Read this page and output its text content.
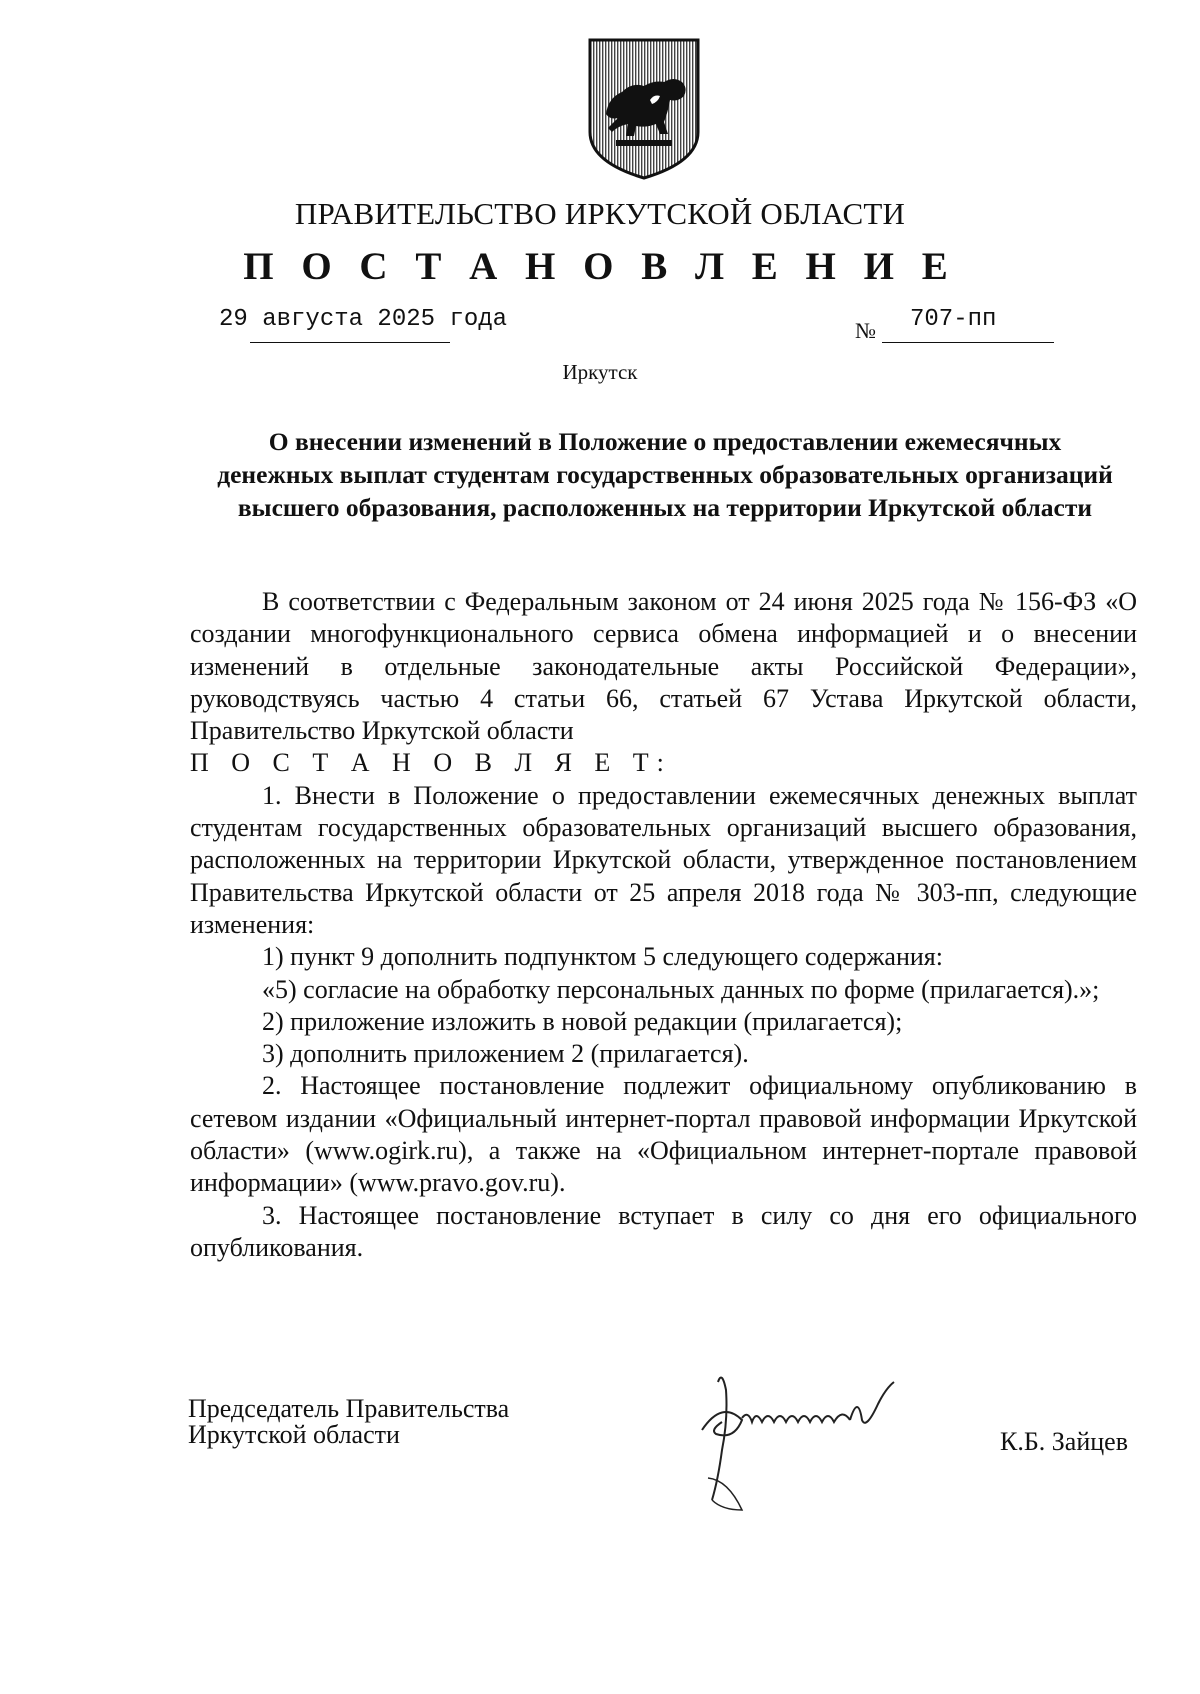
ПРАВИТЕЛЬСТВО ИРКУТСКОЙ ОБЛАСТИ
П О С Т А Н О В Л Е Н И Е
29 августа 2025 года	№ 707-пп
Иркутск
О внесении изменений в Положение о предоставлении ежемесячных денежных выплат студентам государственных образовательных организаций высшего образования, расположенных на территории Иркутской области

В соответствии с Федеральным законом от 24 июня 2025 года № 156-ФЗ «О создании многофункционального сервиса обмена информацией и о внесении изменений в отдельные законодательные акты Российской Федерации», руководствуясь частью 4 статьи 66, статьей 67 Устава Иркутской области, Правительство Иркутской области

П О С Т А Н О В Л Я Е Т:

1. Внести в Положение о предоставлении ежемесячных денежных выплат студентам государственных образовательных организаций высшего образования, расположенных на территории Иркутской области, утвержденное постановлением Правительства Иркутской области от 25 апреля 2018 года № 303-пп, следующие изменения:

1) пункт 9 дополнить подпунктом 5 следующего содержания:

«5) согласие на обработку персональных данных по форме (прилагается).»;

2) приложение изложить в новой редакции (прилагается);

3) дополнить приложением 2 (прилагается).

2. Настоящее постановление подлежит официальному опубликованию в сетевом издании «Официальный интернет-портал правовой информации Иркутской области» (www.ogirk.ru), а также на «Официальном интернет-портале правовой информации» (www.pravo.gov.ru).

3. Настоящее постановление вступает в силу со дня его официального опубликования.

Председатель Правительства
Иркутской области	К.Б. Зайцев
